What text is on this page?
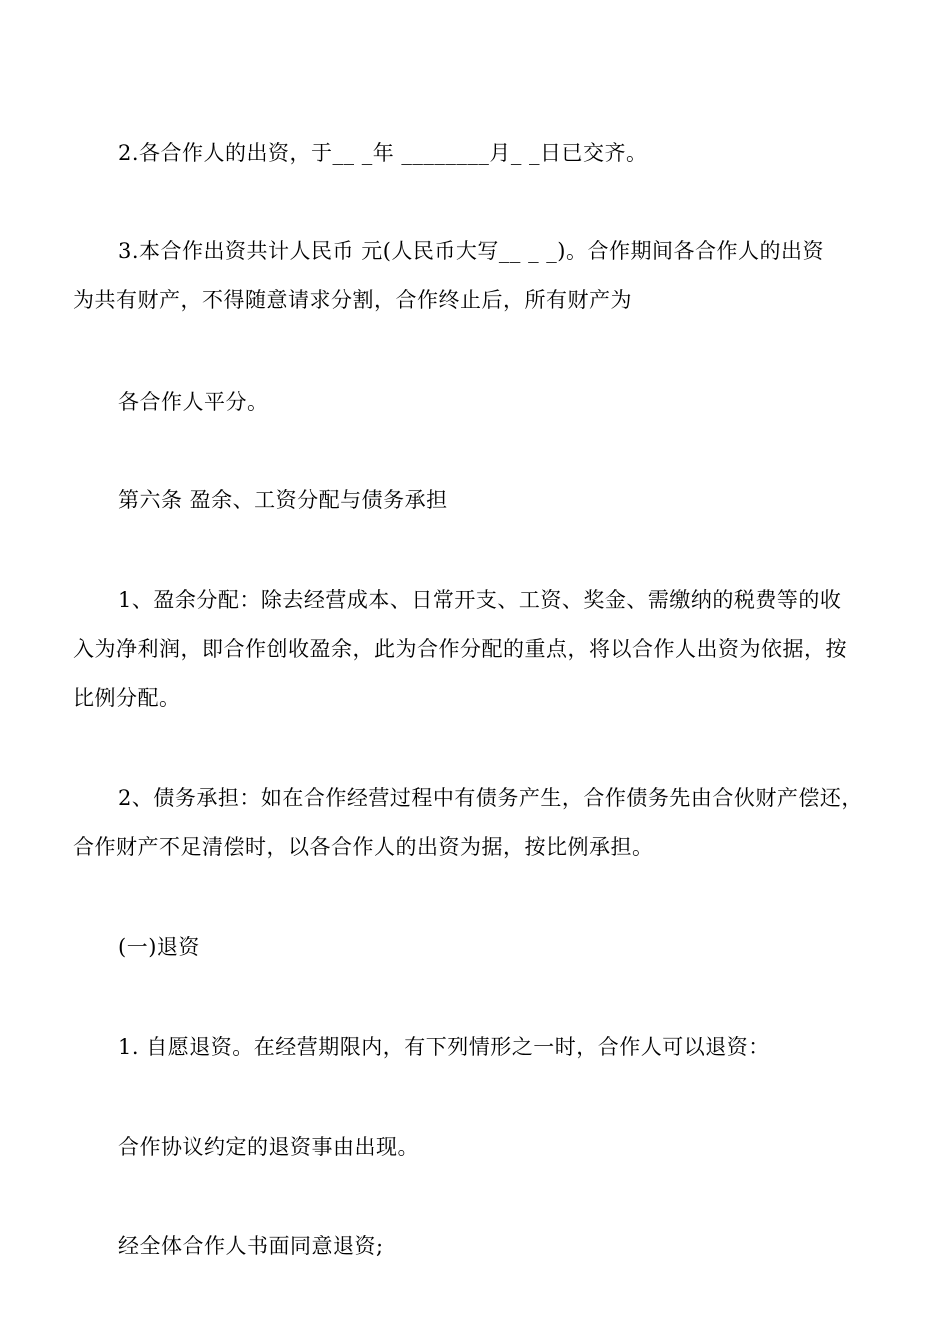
2.各合作人的出资，于__ _年 ________月_ _日已交齐。
3.本合作出资共计人民币 元(人民币大写__ _ _)。合作期间各合作人的出资
为共有财产，不得随意请求分割，合作终止后，所有财产为
各合作人平分。
第六条 盈余、工资分配与债务承担
1、盈余分配：除去经营成本、日常开支、工资、奖金、需缴纳的税费等的收
入为净利润，即合作创收盈余，此为合作分配的重点，将以合作人出资为依据，按
比例分配。
2、债务承担：如在合作经营过程中有债务产生，合作债务先由合伙财产偿还，
合作财产不足清偿时，以各合作人的出资为据，按比例承担。
(一)退资
1. 自愿退资。在经营期限内，有下列情形之一时，合作人可以退资：
合作协议约定的退资事由出现。
经全体合作人书面同意退资;
